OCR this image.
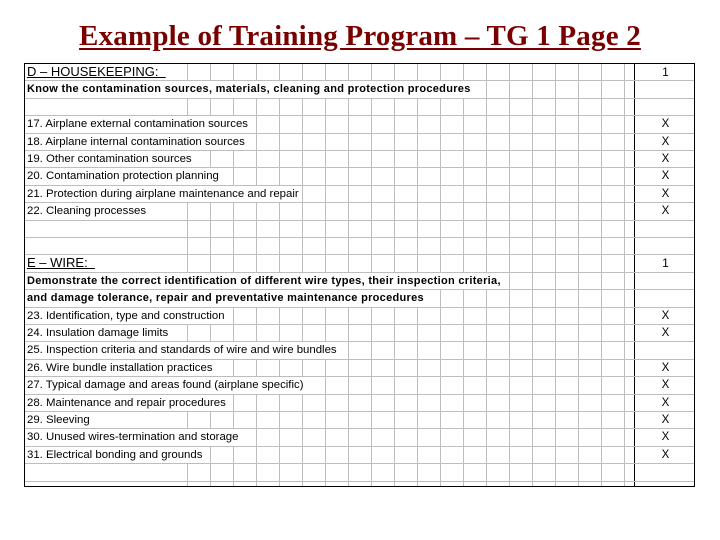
Example of Training Program – TG 1 Page 2
D – HOUSEKEEPING:	1
Know the contamination sources, materials, cleaning and protection procedures
17. Airplane external contamination sources	X
18. Airplane internal contamination sources	X
19. Other contamination sources	X
20. Contamination protection planning	X
21. Protection during airplane maintenance and repair	X
22. Cleaning processes	X
E – WIRE:	1
Demonstrate the correct identification of different wire types, their inspection criteria,
and damage tolerance, repair and preventative maintenance procedures
23. Identification, type and construction	X
24. Insulation damage limits	X
25. Inspection criteria and standards of wire and wire bundles
26. Wire bundle installation practices	X
27. Typical damage and areas found (airplane specific)	X
28. Maintenance and repair procedures	X
29. Sleeving	X
30. Unused wires-termination and storage	X
31. Electrical bonding and grounds	X
